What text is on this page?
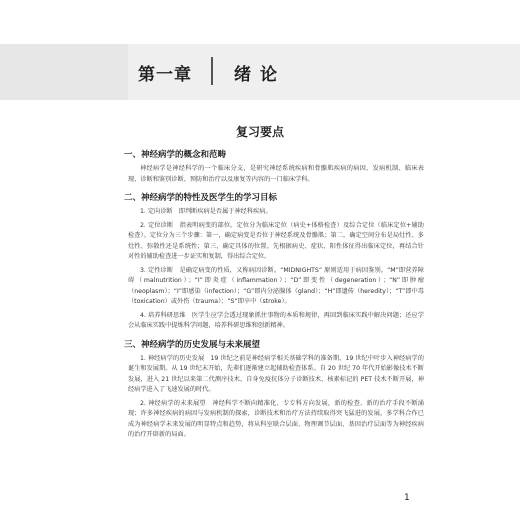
第一章 绪论
复习要点
一、神经病学的概念和范畴

神经病学是神经科学的一个临床分支，是研究神经系统疾病和骨骼肌疾病的病因、发病机制、临床表现、诊断和鉴别诊断、预防和治疗以及康复等内容的一门临床学科。

二、神经病学的特性及医学生的学习目标

1. 定向诊断　即判断疾病是否属于神经科疾病。

2. 定位诊断　指表明病变的部位。定位分为临床定位（病史+体格检查）及综合定位（临床定位+辅助检查）。定位分为三个步骤：第一，确定病变是否位于神经系统及骨骼肌；第二，确定空间分布是局灶性、多灶性、弥散性还是系统性；第三，确定具体的位置。先根据病史、症状、阳性体征得出临床定位，再结合针对性的辅助检查进一步证实和复制，得出综合定位。

3. 定性诊断　是确定病变的性质，又称病因诊断。“MIDNIGHTS” 原则适用于病因鉴别。“M”即营养障碍（malnutrition）；“I”即炎症（inflammation）；“D”即变性（degeneration）；“N”即肿瘤（neoplasm）；“I”即感染（infection）；“G”即内分泌腺体（gland）；“H”即遗传（heredity）；“T”即中毒（toxication）或外伤（trauma）；“S”即卒中（stroke）。

4. 培养科研思维　医学生应学会透过现象抓住事物的本质和规律，再回到临床实践中解决问题；还应学会从临床实践中提炼科学问题，培养科研思维和创新精神。

三、神经病学的历史发展与未来展望

1. 神经病学的历史发展　19 世纪之前是神经病学相关基础学科的准备期，19 世纪中叶步入神经病学的诞生和发展期。从 19 世纪末开始，先辈们逐渐建立起辅助检查体系。自 20 世纪 70 年代开始影像技术不断发展，进入 21 世纪以来第二代测序技术、自身免疫抗体分子诊断技术、核素标记的 PET 技术不断开展，神经病学进入了飞速发展的时代。

2. 神经病学的未来展望　神经科学不断向精准化、专专科方向发展，新的检查、新的治疗手段不断涌现；许多神经疾病的病因与发病机制的探索，诊断技术和治疗方法持续取得突飞猛进的发展，多学科合作已成为神经病学未来发展的明显特点和趋势，将从科室联合层面、物理调节层面、基因治疗层面等为神经疾病的治疗开辟新的局面。

1
